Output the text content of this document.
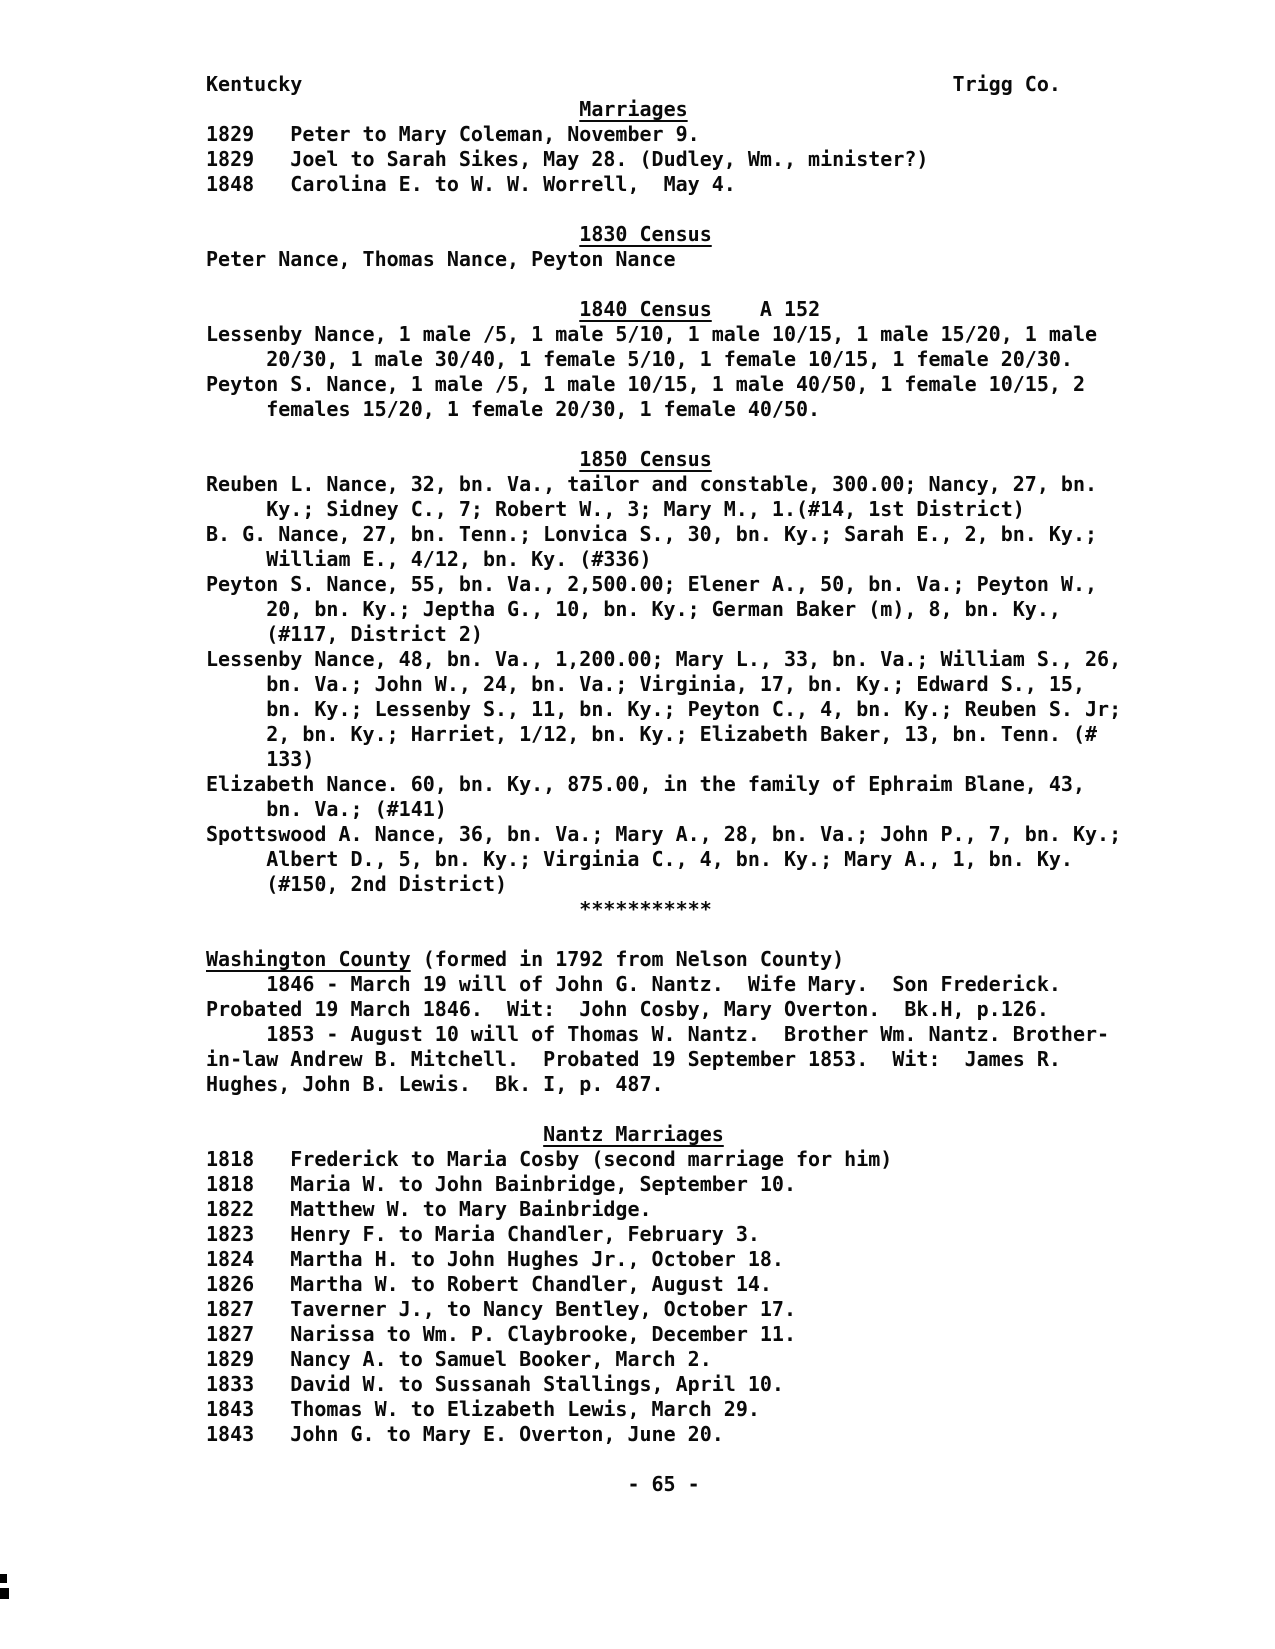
Kentucky	Trigg Co.
Marriages
1829   Peter to Mary Coleman, November 9.
1829   Joel to Sarah Sikes, May 28. (Dudley, Wm., minister?)
1848   Carolina E. to W. W. Worrell,  May 4.

1830 Census
Peter Nance, Thomas Nance, Peyton Nance

1840 Census    A 152
Lessenby Nance, 1 male /5, 1 male 5/10, 1 male 10/15, 1 male 15/20, 1 male
20/30, 1 male 30/40, 1 female 5/10, 1 female 10/15, 1 female 20/30.
Peyton S. Nance, 1 male /5, 1 male 10/15, 1 male 40/50, 1 female 10/15, 2
females 15/20, 1 female 20/30, 1 female 40/50.

1850 Census
Reuben L. Nance, 32, bn. Va., tailor and constable, 300.00; Nancy, 27, bn.
Ky.; Sidney C., 7; Robert W., 3; Mary M., 1.(#14, 1st District)
B. G. Nance, 27, bn. Tenn.; Lonvica S., 30, bn. Ky.; Sarah E., 2, bn. Ky.;
William E., 4/12, bn. Ky. (#336)
Peyton S. Nance, 55, bn. Va., 2,500.00; Elener A., 50, bn. Va.; Peyton W.,
20, bn. Ky.; Jeptha G., 10, bn. Ky.; German Baker (m), 8, bn. Ky.,
(#117, District 2)
Lessenby Nance, 48, bn. Va., 1,200.00; Mary L., 33, bn. Va.; William S., 26,
bn. Va.; John W., 24, bn. Va.; Virginia, 17, bn. Ky.; Edward S., 15,
bn. Ky.; Lessenby S., 11, bn. Ky.; Peyton C., 4, bn. Ky.; Reuben S. Jr;
2, bn. Ky.; Harriet, 1/12, bn. Ky.; Elizabeth Baker, 13, bn. Tenn. (#
133)
Elizabeth Nance. 60, bn. Ky., 875.00, in the family of Ephraim Blane, 43,
bn. Va.; (#141)
Spottswood A. Nance, 36, bn. Va.; Mary A., 28, bn. Va.; John P., 7, bn. Ky.;
Albert D., 5, bn. Ky.; Virginia C., 4, bn. Ky.; Mary A., 1, bn. Ky.
(#150, 2nd District)
***********

Washington County (formed in 1792 from Nelson County)
1846 - March 19 will of John G. Nantz.  Wife Mary.  Son Frederick.
Probated 19 March 1846.  Wit:  John Cosby, Mary Overton.  Bk.H, p.126.
1853 - August 10 will of Thomas W. Nantz.  Brother Wm. Nantz. Brother-
in-law Andrew B. Mitchell.  Probated 19 September 1853.  Wit:  James R.
Hughes, John B. Lewis.  Bk. I, p. 487.

Nantz Marriages
1818   Frederick to Maria Cosby (second marriage for him)
1818   Maria W. to John Bainbridge, September 10.
1822   Matthew W. to Mary Bainbridge.
1823   Henry F. to Maria Chandler, February 3.
1824   Martha H. to John Hughes Jr., October 18.
1826   Martha W. to Robert Chandler, August 14.
1827   Taverner J., to Nancy Bentley, October 17.
1827   Narissa to Wm. P. Claybrooke, December 11.
1829   Nancy A. to Samuel Booker, March 2.
1833   David W. to Sussanah Stallings, April 10.
1843   Thomas W. to Elizabeth Lewis, March 29.
1843   John G. to Mary E. Overton, June 20.

- 65 -
